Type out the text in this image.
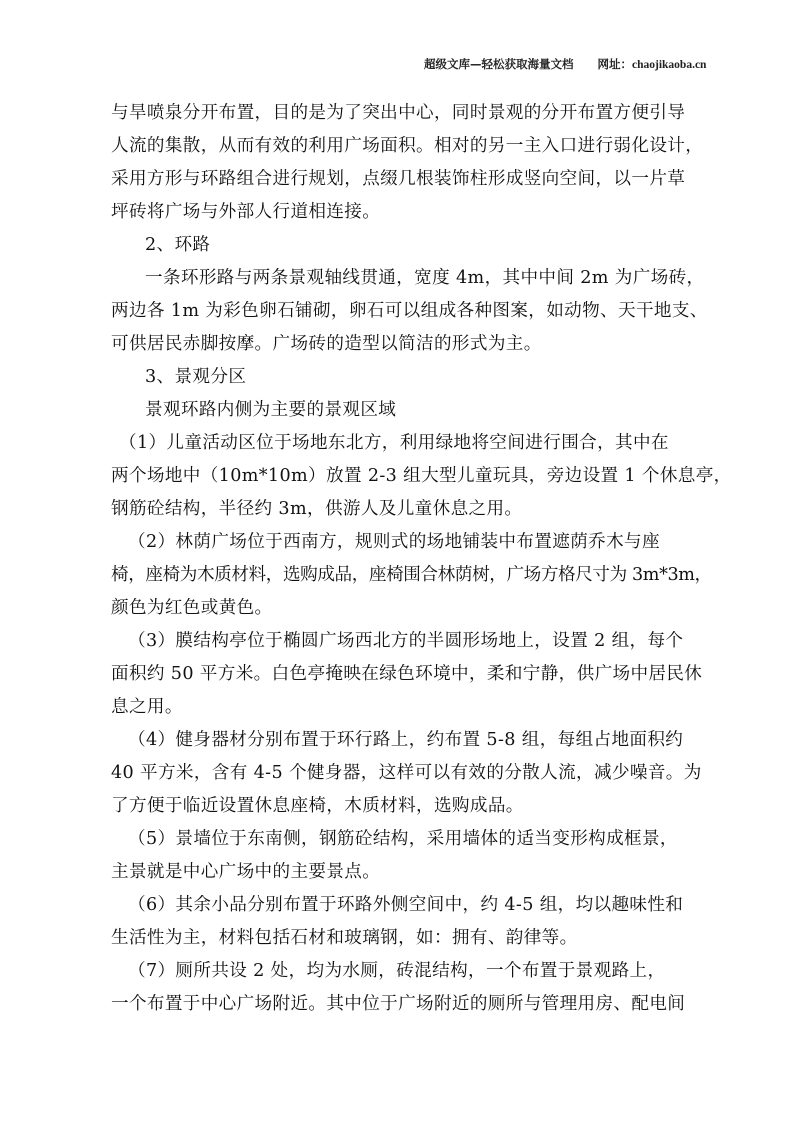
超级文库—轻松获取海量文档 网址：chaojikaoba.cn
与旱喷泉分开布置，目的是为了突出中心，同时景观的分开布置方便引导
人流的集散，从而有效的利用广场面积。相对的另一主入口进行弱化设计，
采用方形与环路组合进行规划，点缀几根装饰柱形成竖向空间，以一片草
坪砖将广场与外部人行道相连接。
2、环路
一条环形路与两条景观轴线贯通，宽度 4m，其中中间 2m 为广场砖，
两边各 1m 为彩色卵石铺砌，卵石可以组成各种图案，如动物、天干地支、
可供居民赤脚按摩。广场砖的造型以简洁的形式为主。
3、景观分区
景观环路内侧为主要的景观区域
（1）儿童活动区位于场地东北方，利用绿地将空间进行围合，其中在
两个场地中（10m*10m）放置 2-3 组大型儿童玩具，旁边设置 1 个休息亭，
钢筋砼结构，半径约 3m，供游人及儿童休息之用。
（2）林荫广场位于西南方，规则式的场地铺装中布置遮荫乔木与座
椅，座椅为木质材料，选购成品，座椅围合林荫树，广场方格尺寸为 3m*3m，
颜色为红色或黄色。
（3）膜结构亭位于椭圆广场西北方的半圆形场地上，设置 2 组，每个
面积约 50 平方米。白色亭掩映在绿色环境中，柔和宁静，供广场中居民休
息之用。
（4）健身器材分别布置于环行路上，约布置 5-8 组，每组占地面积约
40 平方米，含有 4-5 个健身器，这样可以有效的分散人流，减少噪音。为
了方便于临近设置休息座椅，木质材料，选购成品。
（5）景墙位于东南侧，钢筋砼结构，采用墙体的适当变形构成框景，
主景就是中心广场中的主要景点。
（6）其余小品分别布置于环路外侧空间中，约 4-5 组，均以趣味性和
生活性为主，材料包括石材和玻璃钢，如：拥有、韵律等。
（7）厕所共设 2 处，均为水厕，砖混结构，一个布置于景观路上，
一个布置于中心广场附近。其中位于广场附近的厕所与管理用房、配电间
